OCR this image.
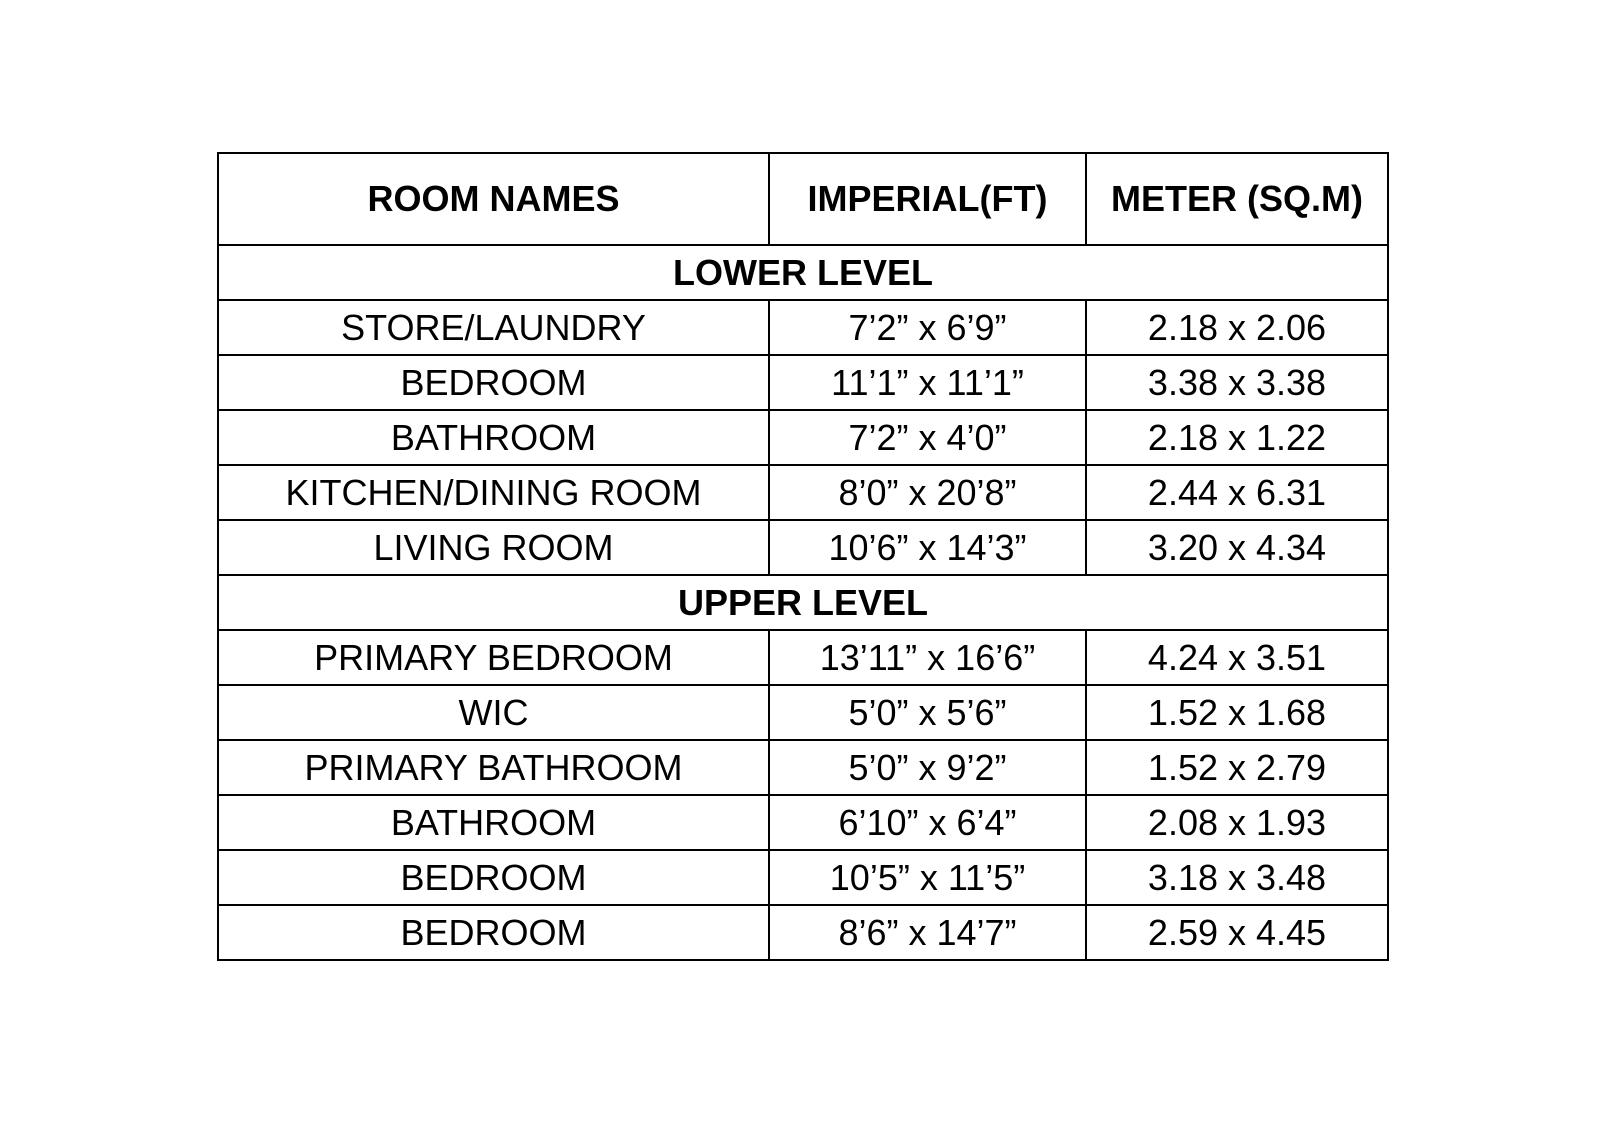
ROOM NAMES	IMPERIAL(FT)	METER (SQ.M)
LOWER LEVEL		
STORE/LAUNDRY	7’2” x 6’9”	2.18 x 2.06
BEDROOM	11’1” x 11’1”	3.38 x 3.38
BATHROOM	7’2” x 4’0”	2.18 x 1.22
KITCHEN/DINING ROOM	8’0” x 20’8”	2.44 x 6.31
LIVING ROOM	10’6” x 14’3”	3.20 x 4.34
UPPER LEVEL		
PRIMARY BEDROOM	13’11” x 16’6”	4.24 x 3.51
WIC	5’0” x 5’6”	1.52 x 1.68
PRIMARY BATHROOM	5’0” x 9’2”	1.52 x 2.79
BATHROOM	6’10” x 6’4”	2.08 x 1.93
BEDROOM	10’5” x 11’5”	3.18 x 3.48
BEDROOM	8’6” x 14’7”	2.59 x 4.45
